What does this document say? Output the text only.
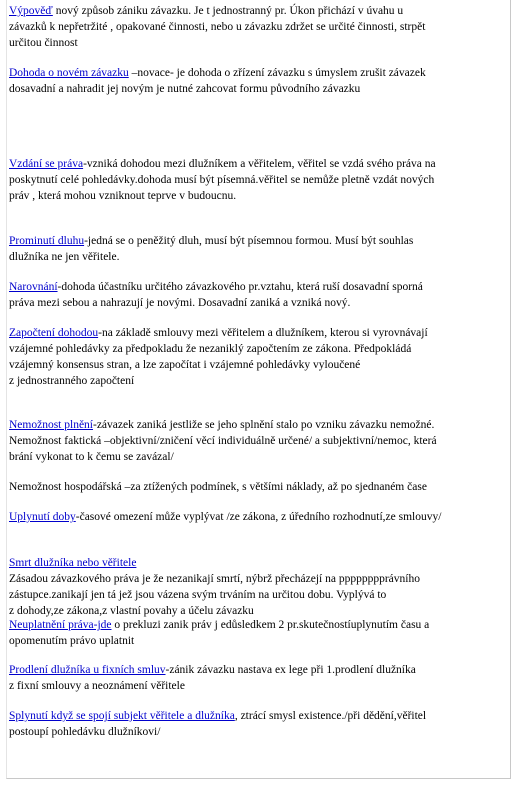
Výpověď nový způsob zániku závazku. Je t jednostranný pr. Úkon přichází v úvahu u
závazků k nepřetržité , opakované činnosti, nebo u závazku zdržet se určité činnosti, strpět
určitou činnost
Dohoda o novém závazku –novace- je dohoda o zřízení závazku s úmyslem zrušit závazek
dosavadní a nahradit jej novým je nutné zahcovat formu původního závazku
Vzdání se práva-vzniká dohodou mezi dlužníkem a věřitelem, věřitel se vzdá svého práva na
poskytnutí celé pohledávky.dohoda musí být písemná.věřitel se nemůže pletně vzdát nových
práv , která mohou vzniknout teprve v budoucnu.
Prominutí dluhu-jedná se o peněžitý dluh, musí být písemnou formou. Musí být souhlas
dlužníka ne jen věřitele.
Narovnání-dohoda účastníku určitého závazkového pr.vztahu, která ruší dosavadní sporná
práva mezi sebou a nahrazují je novými. Dosavadní zaniká a vzniká nový.
Započtení dohodou-na základě smlouvy mezi věřitelem a dlužníkem, kterou si vyrovnávají
vzájemné pohledávky za předpokladu že nezaniklý započtením ze zákona. Předpokládá
vzájemný konsensus stran, a lze započítat i vzájemné pohledávky vyloučené
z jednostranného započtení
Nemožnost plnění-závazek zaniká jestliže se jeho splnění stalo po vzniku závazku nemožné.
Nemožnost faktická –objektivní/zničení věcí individuálně určené/ a subjektivní/nemoc, která
brání vykonat to k čemu se zavázal/
Nemožnost hospodářská –za ztížených podmínek, s většími náklady, až po sjednaném čase
Uplynutí doby-časové omezení může vyplývat /ze zákona, z úředního rozhodnutí,ze smlouvy/
Smrt dlužníka nebo věřitele
Zásadou závazkového práva je že nezanikají smrtí, nýbrž přecházejí na pppppppprávního
zástupce.zanikají jen tá jež jsou vázena svým trváním na určitou dobu. Vyplývá to
z dohody,ze zákona,z vlastní povahy a účelu závazku
Neuplatnění práva-jde o prekluzi zanik práv j edůsledkem 2 pr.skutečnostíuplynutím času a
opomenutím právo uplatnit
Prodlení dlužníka u fixních smluv-zánik závazku nastava ex lege při 1.prodlení dlužníka
z fixní smlouvy a neoznámení věřitele
Splynutí když se spojí subjekt věřitele a dlužníka, ztrácí smysl existence./při dědění,věřitel
postoupí pohledávku dlužníkovi/
